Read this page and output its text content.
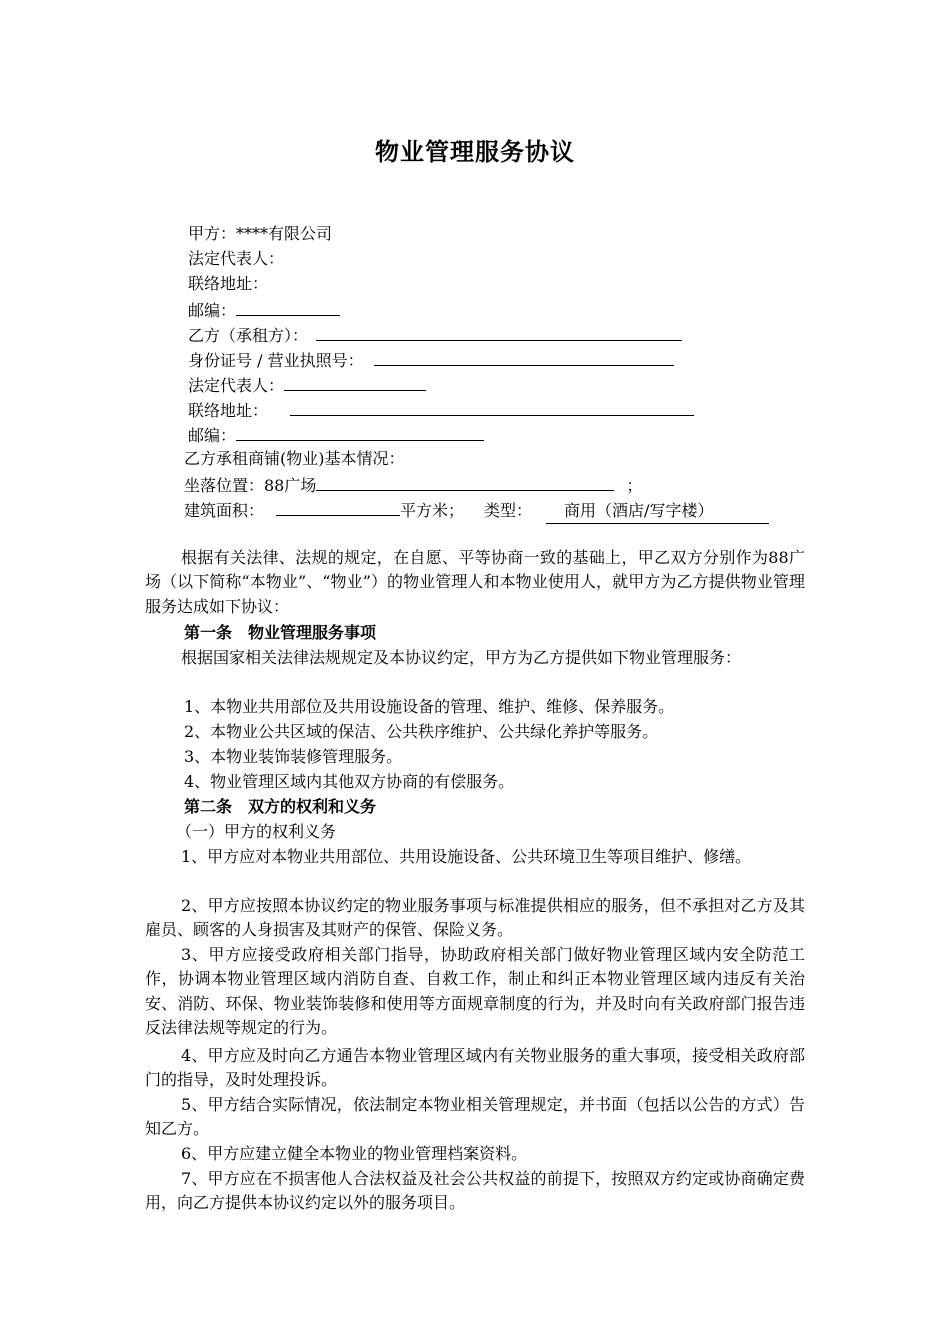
物业管理服务协议
甲方：****有限公司
法定代表人：
联络地址：
邮编：
乙方（承租方）：
身份证号 / 营业执照号：
法定代表人：
联络地址：
邮编：
乙方承租商铺(物业)基本情况：
坐落位置：88广场	；
建筑面积：	平方米； 类型： 商用（酒店/写字楼）
根据有关法律、法规的规定，在自愿、平等协商一致的基础上，甲乙双方分别作为88广场（以下简称“本物业”、“物业”）的物业管理人和本物业使用人，就甲方为乙方提供物业管理服务达成如下协议：
第一条　物业管理服务事项
根据国家相关法律法规规定及本协议约定，甲方为乙方提供如下物业管理服务：
1、本物业共用部位及共用设施设备的管理、维护、维修、保养服务。
2、本物业公共区域的保洁、公共秩序维护、公共绿化养护等服务。
3、本物业装饰装修管理服务。
4、物业管理区域内其他双方协商的有偿服务。
第二条　双方的权利和义务
（一）甲方的权利义务
1、甲方应对本物业共用部位、共用设施设备、公共环境卫生等项目维护、修缮。
2、甲方应按照本协议约定的物业服务事项与标准提供相应的服务，但不承担对乙方及其雇员、顾客的人身损害及其财产的保管、保险义务。
3、甲方应接受政府相关部门指导，协助政府相关部门做好物业管理区域内安全防范工作，协调本物业管理区域内消防自查、自救工作，制止和纠正本物业管理区域内违反有关治安、消防、环保、物业装饰装修和使用等方面规章制度的行为，并及时向有关政府部门报告违反法律法规等规定的行为。
4、甲方应及时向乙方通告本物业管理区域内有关物业服务的重大事项，接受相关政府部门的指导，及时处理投诉。
5、甲方结合实际情况，依法制定本物业相关管理规定，并书面（包括以公告的方式）告知乙方。
6、甲方应建立健全本物业的物业管理档案资料。
7、甲方应在不损害他人合法权益及社会公共权益的前提下，按照双方约定或协商确定费用，向乙方提供本协议约定以外的服务项目。
